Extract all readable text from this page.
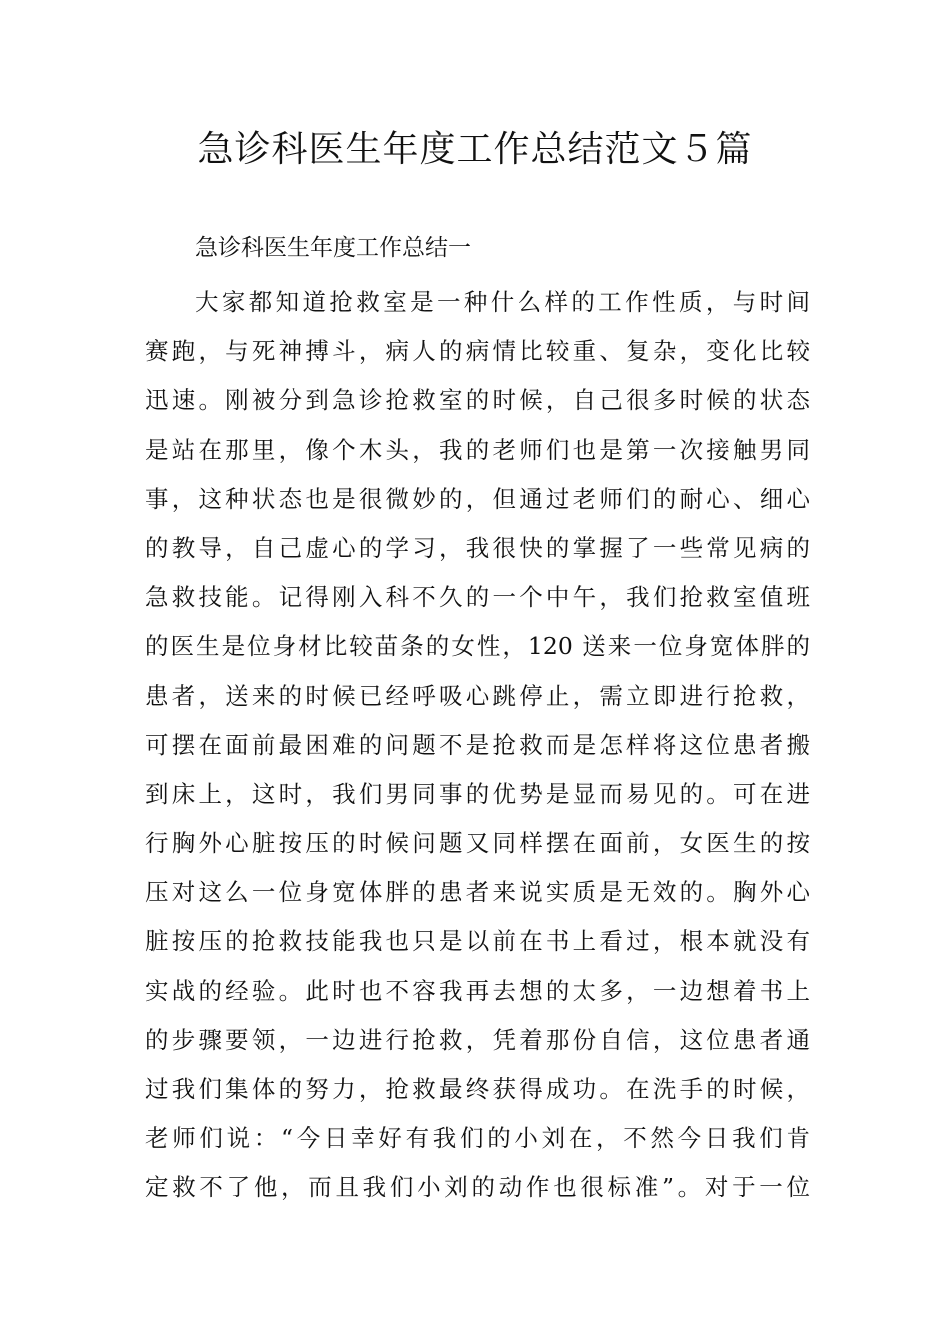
急诊科医生年度工作总结范文５篇

急诊科医生年度工作总结一

大家都知道抢救室是一种什么样的工作性质，与时间
赛跑，与死神搏斗，病人的病情比较重、复杂，变化比较
迅速。刚被分到急诊抢救室的时候，自己很多时候的状态
是站在那里，像个木头，我的老师们也是第一次接触男同
事，这种状态也是很微妙的，但通过老师们的耐心、细心
的教导，自己虚心的学习，我很快的掌握了一些常见病的
急救技能。记得刚入科不久的一个中午，我们抢救室值班
的医生是位身材比较苗条的女性，120 送来一位身宽体胖的
患者，送来的时候已经呼吸心跳停止，需立即进行抢救，
可摆在面前最困难的问题不是抢救而是怎样将这位患者搬
到床上，这时，我们男同事的优势是显而易见的。可在进
行胸外心脏按压的时候问题又同样摆在面前，女医生的按
压对这么一位身宽体胖的患者来说实质是无效的。胸外心
脏按压的抢救技能我也只是以前在书上看过，根本就没有
实战的经验。此时也不容我再去想的太多，一边想着书上
的步骤要领，一边进行抢救，凭着那份自信，这位患者通
过我们集体的努力，抢救最终获得成功。在洗手的时候，
老师们说：“今日幸好有我们的小刘在，不然今日我们肯
定救不了他，而且我们小刘的动作也很标准”。对于一位
